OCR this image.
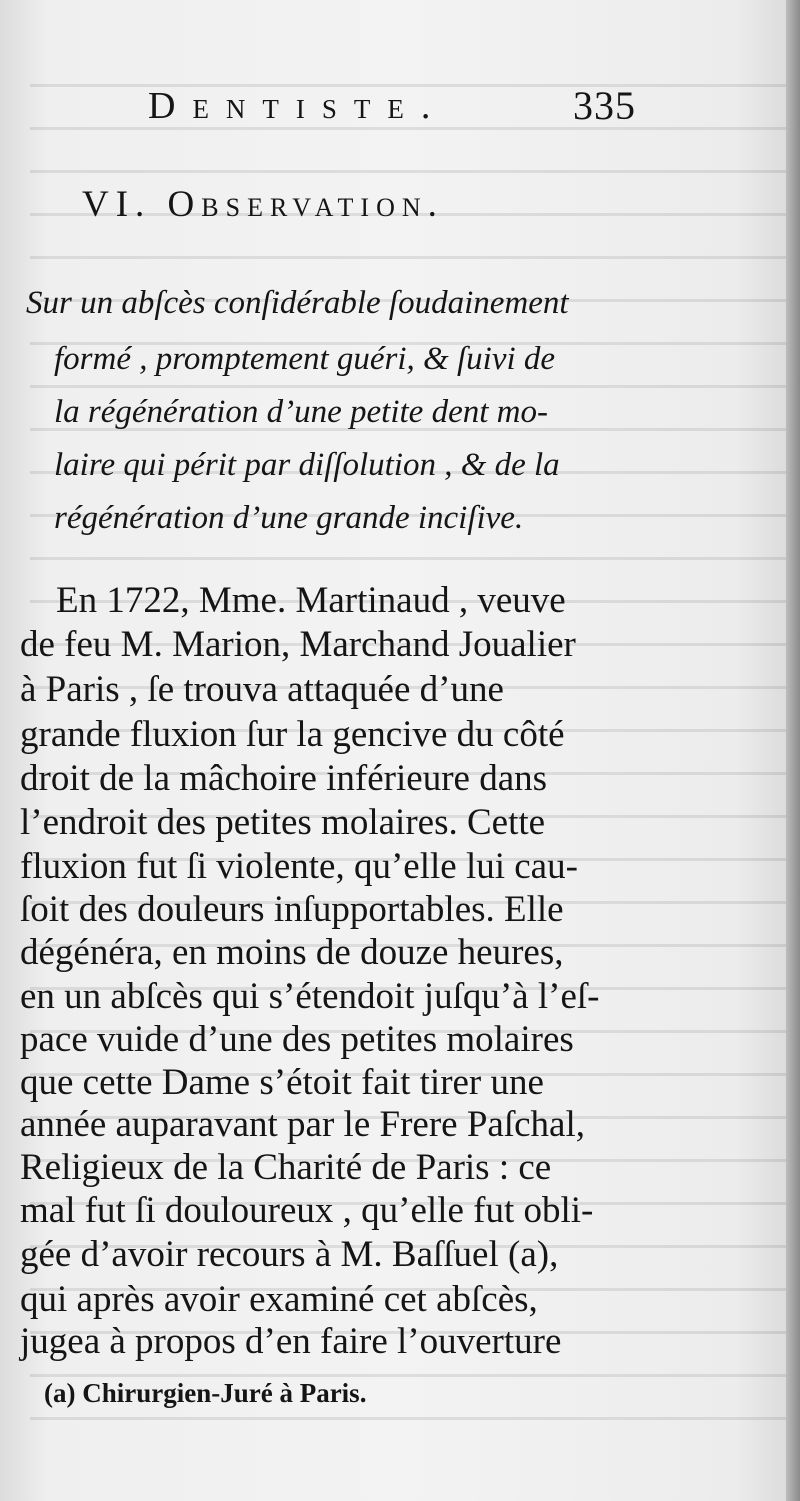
Dentiste.	335
VI. Observation.
Sur un abſcès conſidérable ſoudainement
formé , promptement guéri, & ſuivi de
la régénération d’une petite dent mo-
laire qui périt par diſſolution , & de la
régénération d’une grande inciſive.
En 1722, Mme. Martinaud , veuve
de feu M. Marion, Marchand Joualier
à Paris , ſe trouva attaquée d’une
grande fluxion ſur la gencive du côté
droit de la mâchoire inférieure dans
l’endroit des petites molaires. Cette
fluxion fut ſi violente, qu’elle lui cau-
ſoit des douleurs inſupportables. Elle
dégénéra, en moins de douze heures,
en un abſcès qui s’étendoit juſqu’à l’eſ-
pace vuide d’une des petites molaires
que cette Dame s’étoit fait tirer une
année auparavant par le Frere Paſchal,
Religieux de la Charité de Paris : ce
mal fut ſi douloureux , qu’elle fut obli-
gée d’avoir recours à M. Baſſuel (a),
qui après avoir examiné cet abſcès,
jugea à propos d’en faire l’ouverture
(a) Chirurgien-Juré à Paris.
